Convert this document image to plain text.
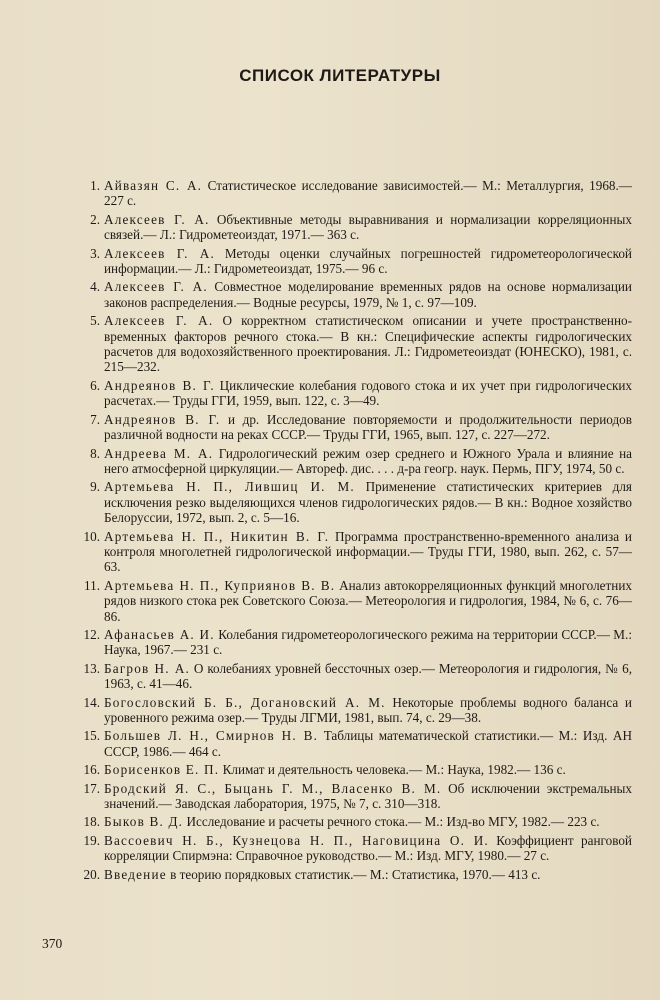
СПИСОК ЛИТЕРАТУРЫ
1. Айвазян С. А. Статистическое исследование зависимостей.— М.: Металлургия, 1968.— 227 с.
2. Алексеев Г. А. Объективные методы выравнивания и нормализации корреляционных связей.— Л.: Гидрометеоиздат, 1971.— 363 с.
3. Алексеев Г. А. Методы оценки случайных погрешностей гидрометеорологической информации.— Л.: Гидрометеоиздат, 1975.— 96 с.
4. Алексеев Г. А. Совместное моделирование временных рядов на основе нормализации законов распределения.— Водные ресурсы, 1979, № 1, с. 97—109.
5. Алексеев Г. А. О корректном статистическом описании и учете пространственно-временных факторов речного стока.— В кн.: Специфические аспекты гидрологических расчетов для водохозяйственного проектирования. Л.: Гидрометеоиздат (ЮНЕСКО), 1981, с. 215—232.
6. Андреянов В. Г. Циклические колебания годового стока и их учет при гидрологических расчетах.— Труды ГГИ, 1959, вып. 122, с. 3—49.
7. Андреянов В. Г. и др. Исследование повторяемости и продолжительности периодов различной водности на реках СССР.— Труды ГГИ, 1965, вып. 127, с. 227—272.
8. Андреева М. А. Гидрологический режим озер среднего и Южного Урала и влияние на него атмосферной циркуляции.— Автореф. дис. . . . д-ра геогр. наук. Пермь, ПГУ, 1974, 50 с.
9. Артемьева Н. П., Лившиц И. М. Применение статистических критериев для исключения резко выделяющихся членов гидрологических рядов.— В кн.: Водное хозяйство Белоруссии, 1972, вып. 2, с. 5—16.
10. Артемьева Н. П., Никитин В. Г. Программа пространственно-временного анализа и контроля многолетней гидрологической информации.— Труды ГГИ, 1980, вып. 262, с. 57—63.
11. Артемьева Н. П., Куприянов В. В. Анализ автокорреляционных функций многолетних рядов низкого стока рек Советского Союза.— Метеорология и гидрология, 1984, № 6, с. 76—86.
12. Афанасьев А. И. Колебания гидрометеорологического режима на территории СССР.— М.: Наука, 1967.— 231 с.
13. Багров Н. А. О колебаниях уровней бессточных озер.— Метеорология и гидрология, № 6, 1963, с. 41—46.
14. Богословский Б. Б., Догановский А. М. Некоторые проблемы водного баланса и уровенного режима озер.— Труды ЛГМИ, 1981, вып. 74, с. 29—38.
15. Большев Л. Н., Смирнов Н. В. Таблицы математической статистики.— М.: Изд. АН СССР, 1986.— 464 с.
16. Борисенков Е. П. Климат и деятельность человека.— М.: Наука, 1982.— 136 с.
17. Бродский Я. С., Быцань Г. М., Власенко В. М. Об исключении экстремальных значений.— Заводская лаборатория, 1975, № 7, с. 310—318.
18. Быков В. Д. Исследование и расчеты речного стока.— М.: Изд-во МГУ, 1982.— 223 с.
19. Вассоевич Н. Б., Кузнецова Н. П., Наговицина О. И. Коэффициент ранговой корреляции Спирмэна: Справочное руководство.— М.: Изд. МГУ, 1980.— 27 с.
20. Введение в теорию порядковых статистик.— М.: Статистика, 1970.— 413 с.
370
